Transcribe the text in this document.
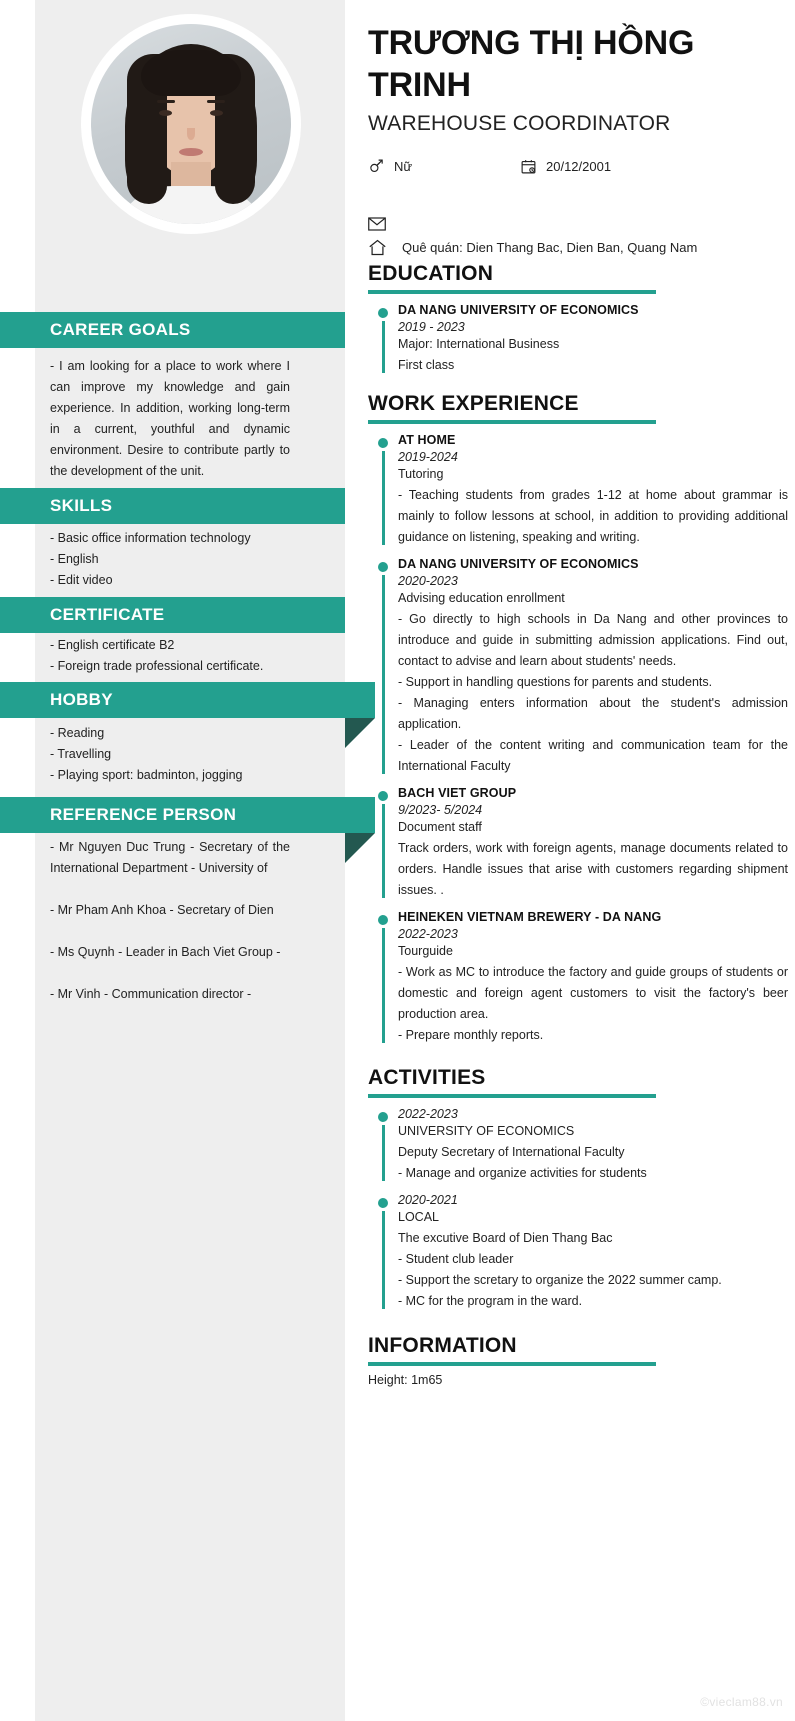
CAREER GOALS

- I am looking for a place to work where I can improve my knowledge and gain experience. In addition, working long-term in a current, youthful and dynamic environment. Desire to contribute partly to the development of the unit.

SKILLS

- Basic office information technology

- English

- Edit video

CERTIFICATE

- English certificate B2

- Foreign trade professional certificate.

HOBBY

- Reading

- Travelling

- Playing sport: badminton, jogging

REFERENCE PERSON

- Mr Nguyen Duc Trung - Secretary of the International Department - University of

- Mr Pham Anh Khoa - Secretary of Dien

- Ms Quynh - Leader in Bach Viet Group -

- Mr Vinh - Communication director -

TRƯƠNG THỊ HỒNG TRINH
WAREHOUSE COORDINATOR
Nữ	20/12/2001
Quê quán: Dien Thang Bac, Dien Ban, Quang Nam
EDUCATION
DA NANG UNIVERSITY OF ECONOMICS
2019 - 2023
Major: International Business
First class
WORK EXPERIENCE
AT HOME
2019-2024
Tutoring
- Teaching students from grades 1-12 at home about grammar is mainly to follow lessons at school, in addition to providing additional guidance on listening, speaking and writing.
DA NANG UNIVERSITY OF ECONOMICS
2020-2023
Advising education enrollment
- Go directly to high schools in Da Nang and other provinces to introduce and guide in submitting admission applications. Find out, contact to advise and learn about students' needs.
- Support in handling questions for parents and students.
- Managing enters information about the student's admission application.
- Leader of the content writing and communication team for the International Faculty
BACH VIET GROUP
9/2023- 5/2024
Document staff
Track orders, work with foreign agents, manage documents related to orders. Handle issues that arise with customers regarding shipment issues. .
HEINEKEN VIETNAM BREWERY - DA NANG
2022-2023
Tourguide
- Work as MC to introduce the factory and guide groups of students or domestic and foreign agent customers to visit the factory's beer production area.
- Prepare monthly reports.
ACTIVITIES
2022-2023
UNIVERSITY OF ECONOMICS
Deputy Secretary of International Faculty
- Manage and organize activities for students
2020-2021
LOCAL
The excutive Board of Dien Thang Bac
- Student club leader
- Support the scretary to organize the 2022 summer camp.
- MC for the program in the ward.
INFORMATION
Height: 1m65
©vieclam88.vn
